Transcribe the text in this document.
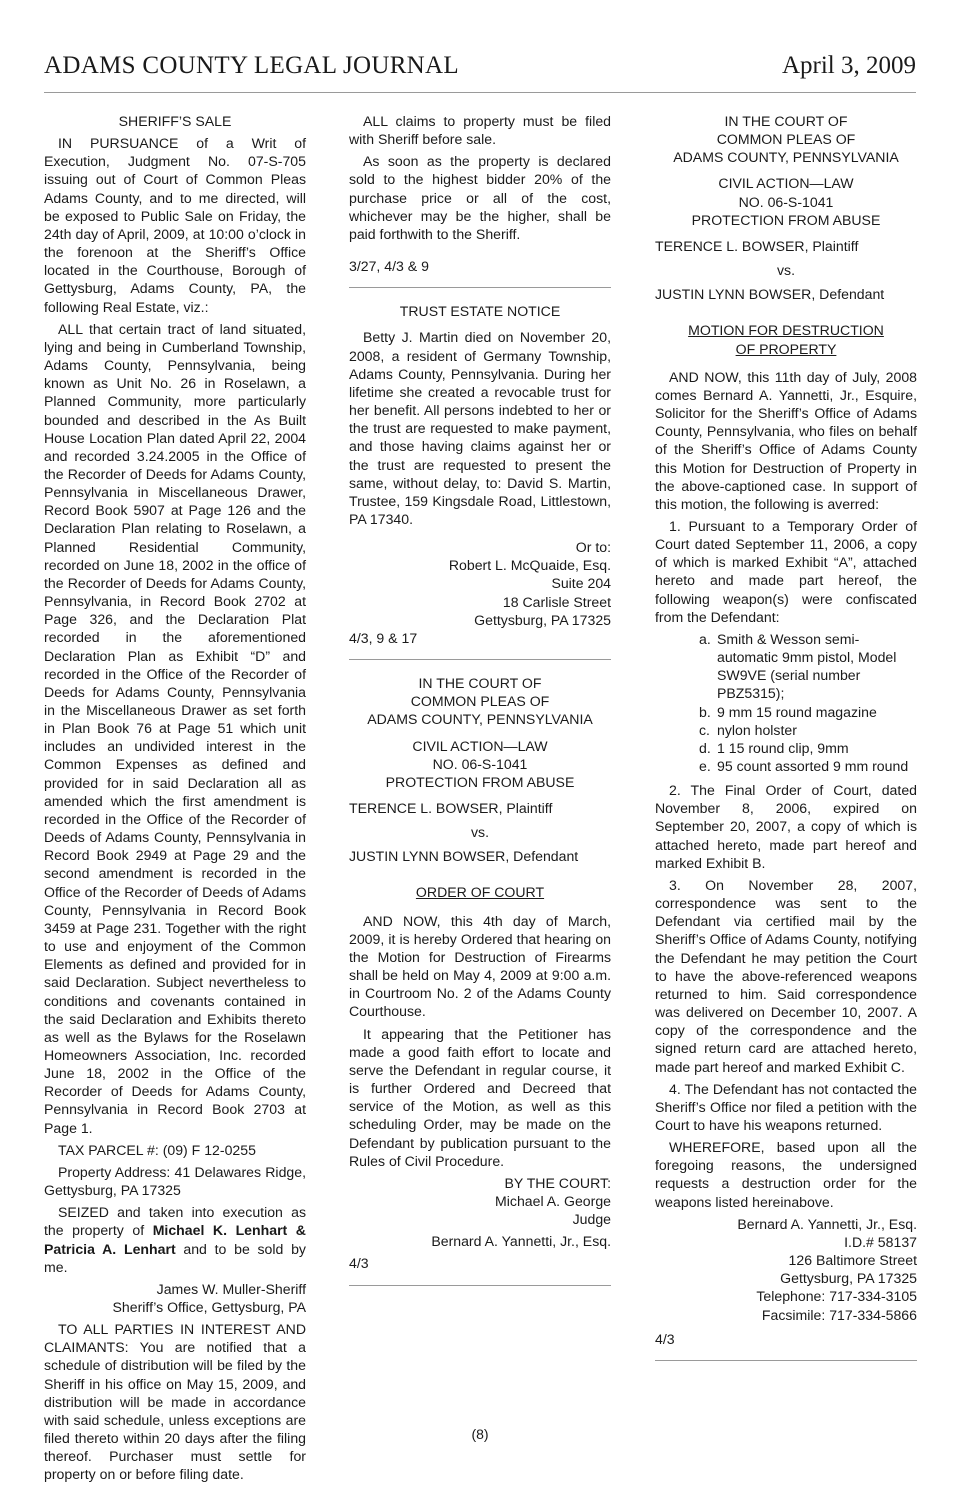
ADAMS COUNTY LEGAL JOURNAL	April 3, 2009

SHERIFF’S SALE

IN PURSUANCE of a Writ of Execution, Judgment No. 07-S-705 issuing out of Court of Common Pleas Adams County, and to me directed, will be exposed to Public Sale on Friday, the 24th day of April, 2009, at 10:00 o’clock in the forenoon at the Sheriff’s Office located in the Courthouse, Borough of Gettysburg, Adams County, PA, the following Real Estate, viz.:

ALL that certain tract of land situated, lying and being in Cumberland Township, Adams County, Pennsylvania, being known as Unit No. 26 in Roselawn, a Planned Community, more particularly bounded and described in the As Built House Location Plan dated April 22, 2004 and recorded 3.24.2005 in the Office of the Recorder of Deeds for Adams County, Pennsylvania in Miscellaneous Drawer, Record Book 5907 at Page 126 and the Declaration Plan relating to Roselawn, a Planned Residential Community, recorded on June 18, 2002 in the office of the Recorder of Deeds for Adams County, Pennsylvania, in Record Book 2702 at Page 326, and the Declaration Plat recorded in the aforementioned Declaration Plan as Exhibit “D” and recorded in the Office of the Recorder of Deeds for Adams County, Pennsylvania in the Miscellaneous Drawer as set forth in Plan Book 76 at Page 51 which unit includes an undivided interest in the Common Expenses as defined and provided for in said Declaration all as amended which the first amendment is recorded in the Office of the Recorder of Deeds of Adams County, Pennsylvania in Record Book 2949 at Page 29 and the second amendment is recorded in the Office of the Recorder of Deeds of Adams County, Pennsylvania in Record Book 3459 at Page 231. Together with the right to use and enjoyment of the Common Elements as defined and provided for in said Declaration. Subject nevertheless to conditions and covenants contained in the said Declaration and Exhibits thereto as well as the Bylaws for the Roselawn Homeowners Association, Inc. recorded June 18, 2002 in the Office of the Recorder of Deeds for Adams County, Pennsylvania in Record Book 2703 at Page 1.

TAX PARCEL #: (09) F 12-0255

Property Address: 41 Delawares Ridge, Gettysburg, PA 17325

SEIZED and taken into execution as the property of Michael K. Lenhart & Patricia A. Lenhart and to be sold by me.

James W. Muller-Sheriff

Sheriff’s Office, Gettysburg, PA

TO ALL PARTIES IN INTEREST AND CLAIMANTS: You are notified that a schedule of distribution will be filed by the Sheriff in his office on May 15, 2009, and distribution will be made in accordance with said schedule, unless exceptions are filed thereto within 20 days after the filing thereof. Purchaser must settle for property on or before filing date.

ALL claims to property must be filed with Sheriff before sale.

As soon as the property is declared sold to the highest bidder 20% of the purchase price or all of the cost, whichever may be the higher, shall be paid forthwith to the Sheriff.

3/27, 4/3 & 9

TRUST ESTATE NOTICE

Betty J. Martin died on November 20, 2008, a resident of Germany Township, Adams County, Pennsylvania. During her lifetime she created a revocable trust for her benefit. All persons indebted to her or the trust are requested to make payment, and those having claims against her or the trust are requested to present the same, without delay, to: David S. Martin, Trustee, 159 Kingsdale Road, Littlestown, PA 17340.

Or to:

Robert L. McQuaide, Esq.

Suite 204

18 Carlisle Street

Gettysburg, PA 17325

4/3, 9 & 17

IN THE COURT OF
COMMON PLEAS OF
ADAMS COUNTY, PENNSYLVANIA
CIVIL ACTION—LAW
NO. 06-S-1041
PROTECTION FROM ABUSE

TERENCE L. BOWSER, Plaintiff

vs.

JUSTIN LYNN BOWSER, Defendant

ORDER OF COURT

AND NOW, this 4th day of March, 2009, it is hereby Ordered that hearing on the Motion for Destruction of Firearms shall be held on May 4, 2009 at 9:00 a.m. in Courtroom No. 2 of the Adams County Courthouse.

It appearing that the Petitioner has made a good faith effort to locate and serve the Defendant in regular course, it is further Ordered and Decreed that service of the Motion, as well as this scheduling Order, may be made on the Defendant by publication pursuant to the Rules of Civil Procedure.

BY THE COURT:

Michael A. George

Judge

Bernard A. Yannetti, Jr., Esq.

4/3

IN THE COURT OF
COMMON PLEAS OF
ADAMS COUNTY, PENNSYLVANIA
CIVIL ACTION—LAW
NO. 06-S-1041
PROTECTION FROM ABUSE

TERENCE L. BOWSER, Plaintiff

vs.

JUSTIN LYNN BOWSER, Defendant

MOTION FOR DESTRUCTION

OF PROPERTY

AND NOW, this 11th day of July, 2008 comes Bernard A. Yannetti, Jr., Esquire, Solicitor for the Sheriff’s Office of Adams County, Pennsylvania, who files on behalf of the Sheriff’s Office of Adams County this Motion for Destruction of Property in the above-captioned case. In support of this motion, the following is averred:

1. Pursuant to a Temporary Order of Court dated September 11, 2006, a copy of which is marked Exhibit “A”, attached hereto and made part hereof, the following weapon(s) were confiscated from the Defendant:

a. Smith & Wesson semi-automatic 9mm pistol, Model SW9VE (serial number PBZ5315);
b. 9 mm 15 round magazine
c. nylon holster
d. 1 15 round clip, 9mm
e. 95 count assorted 9 mm round

2. The Final Order of Court, dated November 8, 2006, expired on September 20, 2007, a copy of which is attached hereto, made part hereof and marked Exhibit B.

3. On November 28, 2007, correspondence was sent to the Defendant via certified mail by the Sheriff’s Office of Adams County, notifying the Defendant he may petition the Court to have the above-referenced weapons returned to him. Said correspondence was delivered on December 10, 2007. A copy of the correspondence and the signed return card are attached hereto, made part hereof and marked Exhibit C.

4. The Defendant has not contacted the Sheriff’s Office nor filed a petition with the Court to have his weapons returned.

WHEREFORE, based upon all the foregoing reasons, the undersigned requests a destruction order for the weapons listed hereinabove.

Bernard A. Yannetti, Jr., Esq.

I.D.# 58137

126 Baltimore Street

Gettysburg, PA 17325

Telephone: 717-334-3105

Facsimile: 717-334-5866

4/3

(8)
